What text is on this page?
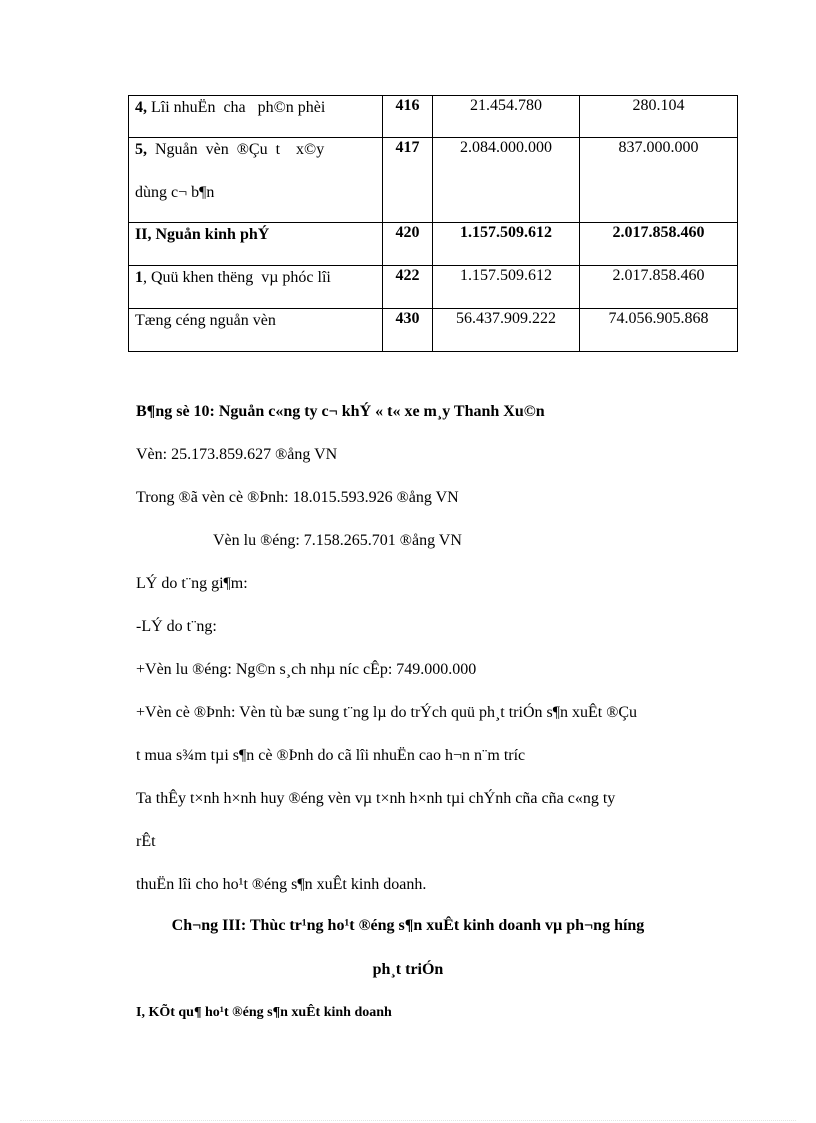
4, Lîi nhuËn  cha   ph©n phèi	416	21.454.780	280.104

5,  Nguån  vèn  ®Çu  t    x©y
dùng c¬ b¶n	417	2.084.000.000	837.000.000

II, Nguån kinh phÝ	420	1.157.509.612	2.017.858.460

1, Quü khen thëng  vµ phóc lîi	422	1.157.509.612	2.017.858.460

Tæng céng nguån vèn	430	56.437.909.222	74.056.905.868
B¶ng sè 10: Nguån c«ng ty c¬ khÝ « t« xe m¸y Thanh Xu©n
Vèn: 25.173.859.627 ®ång VN
Trong ®ã vèn cè ®Þnh: 18.015.593.926 ®ång VN
Vèn lu ®éng: 7.158.265.701 ®ång VN
LÝ do t¨ng gi¶m:
-LÝ do t¨ng:
+Vèn lu ®éng: Ng©n s¸ch nhµ níc cÊp: 749.000.000
+Vèn cè ®Þnh: Vèn tù bæ sung t¨ng lµ do trÝch quü ph¸t triÓn s¶n xuÊt ®Çu
t mua s¾m tµi s¶n cè ®Þnh do cã lîi nhuËn cao h¬n n¨m tríc
Ta thÊy t×nh h×nh huy ®éng vèn vµ t×nh h×nh tµi chÝnh cña cña c«ng ty
rÊt
thuËn lîi cho ho¹t ®éng s¶n xuÊt kinh doanh.
Ch¬ng III: Thùc tr¹ng ho¹t ®éng s¶n xuÊt kinh doanh vµ ph¬ng híng
ph¸t triÓn
I, KÕt qu¶ ho¹t ®éng s¶n xuÊt kinh doanh
